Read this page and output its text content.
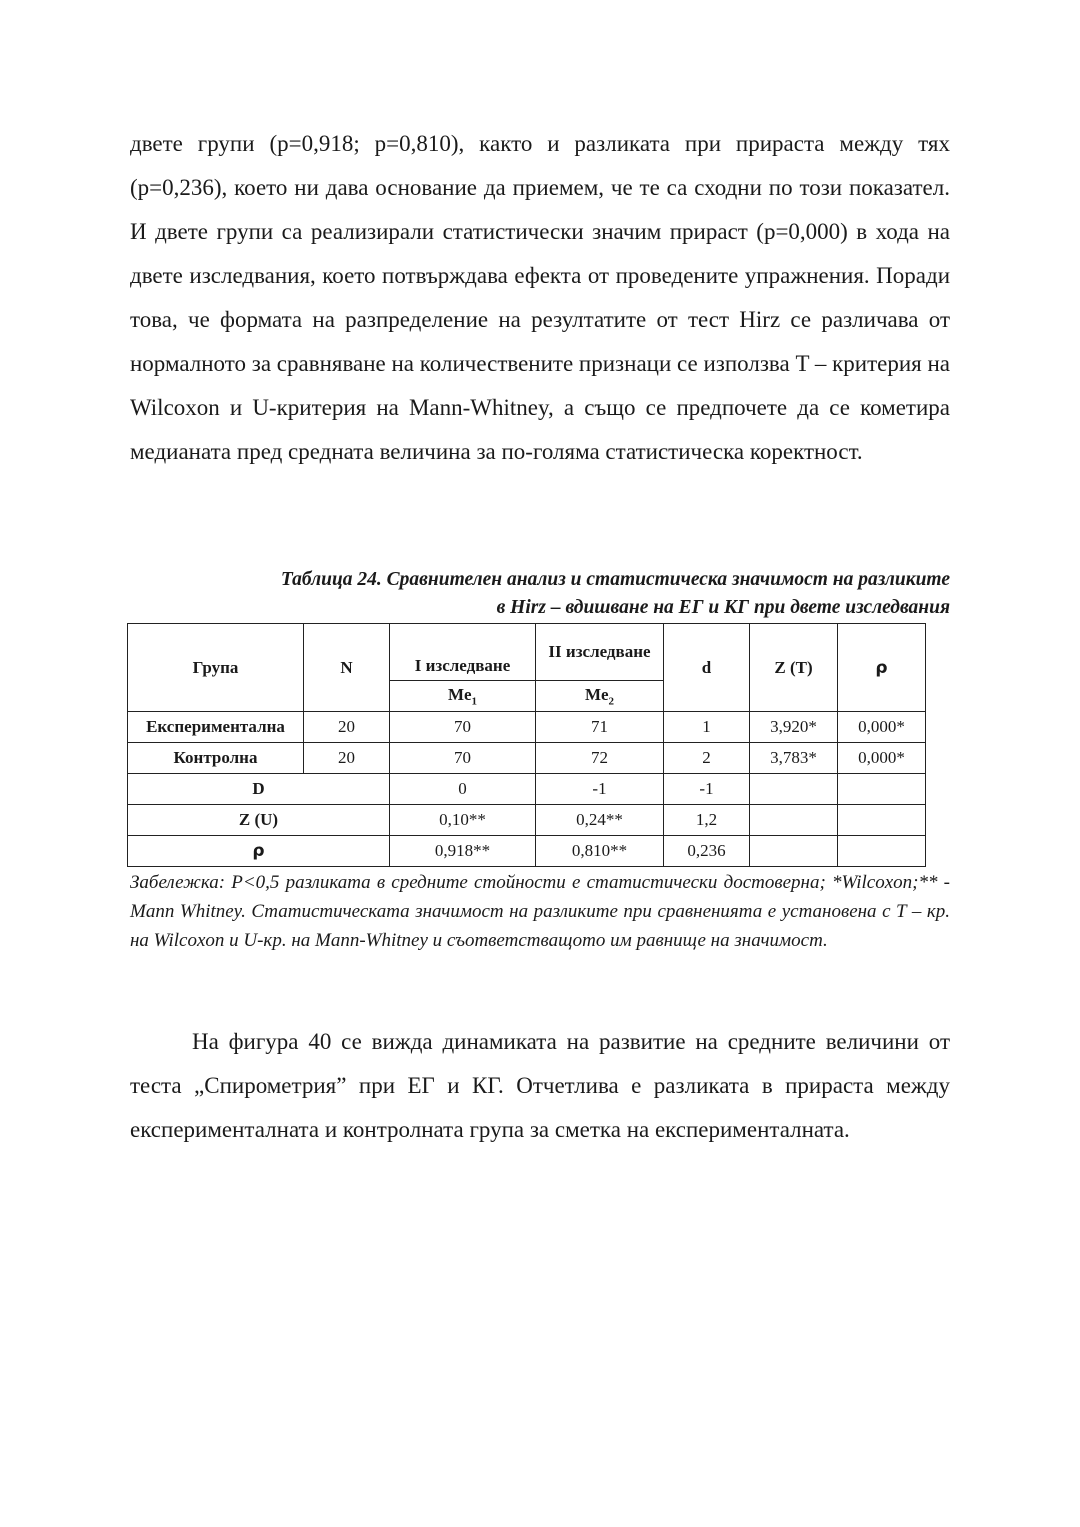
двете групи (p=0,918; p=0,810), както и разликата при прираста между тях (p=0,236), което ни дава основание да приемем, че те са сходни по този показател. И двете групи са реализирали статистически значим прираст (p=0,000) в хода на двете изследвания, което потвърждава ефекта от проведените упражнения. Поради това, че формата на разпределение на резултатите от тест Hirz се различава от нормалното за сравняване на количествените признаци се използва T – критерия на Wilcoxon и U-критерия на Mann-Whitney, а също се предпочете да се кометира медианата пред средната величина за по-голяма статистическа коректност.

Таблица 24. Сравнителен анализ и статистическа значимост на разликите
в Hirz – вдишване на ЕГ и КГ при двете изследвания

Група	N	I изследване	II изследване	d	Z (T)	ρ
		$Me_1$	$Me_2$
Експериментална	20	70	71	1	3,920*	0,000*
Контролна	20	70	72	2	3,783*	0,000*
D		0	-1	-1		
Z (U)		0,10**	0,24**	1,2		
ρ		0,918**	0,810**	0,236		

Забележка: P<0,5 разликата в средните стойности е статистически достоверна; *Wilcoxon;** - Mann Whitney. Статистическата значимост на разликите при сравненията е установена с T – кр. на Wilcoxon и U-кр. на Mann-Whitney и съответстващото им равнище на значимост.

На фигура 40 се вижда динамиката на развитие на средните величини от теста „Спирометрия” при ЕГ и КГ. Отчетлива е разликата в прираста между експерименталната и контролната група за сметка на експерименталната.
